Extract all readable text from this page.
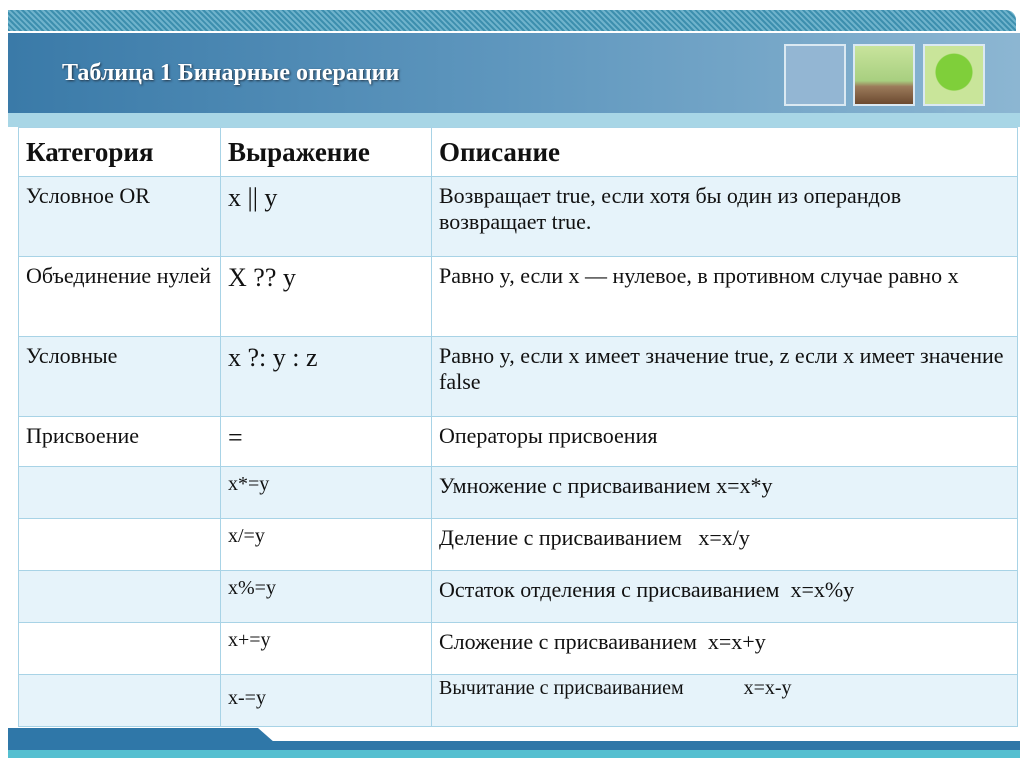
Таблица 1 Бинарные операции
Категория	Выражение	Описание
Условное OR	x || y	Возвращает true, если хотя бы один из операндов возвращает true.
Объединение нулей	X ?? y	Равно y, если x — нулевое, в противном случае равно x
Условные	x ?: y : z	Равно y, если x имеет значение true, z если x имеет значение false
Присвоение	=	Операторы присвоения
	x*=y	Умножение с присваиванием x=x*y
	x/=y	Деление с присваиванием   x=x/y
	x%=y	Остаток отделения с присваиванием  x=x%y
	x+=y	Сложение с присваиванием  x=x+y
	x-=y	Вычитание с присваиванием            x=x-y
